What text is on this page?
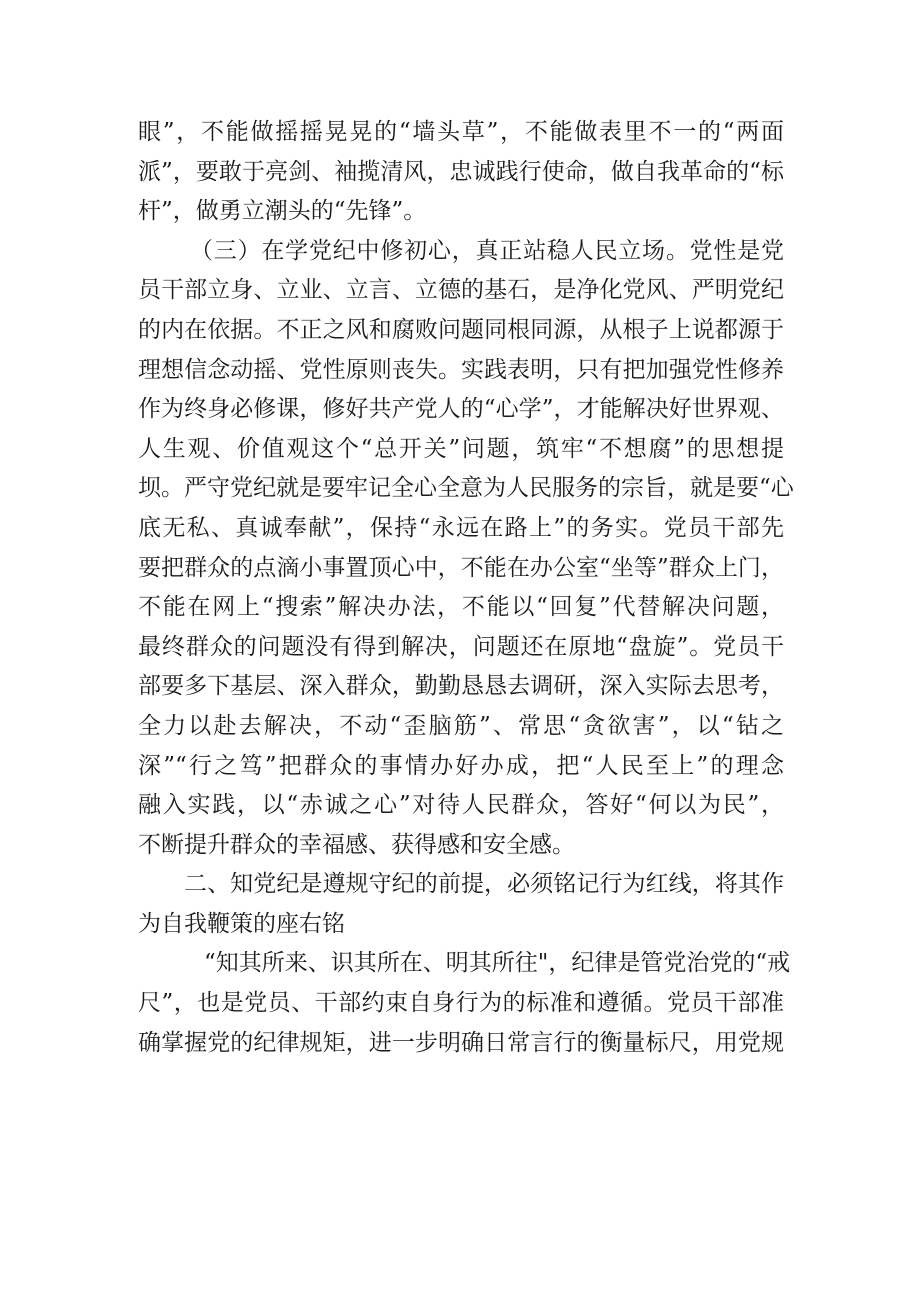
眼”，不能做摇摇晃晃的“墙头草”，不能做表里不一的“两面
派”，要敢于亮剑、袖揽清风，忠诚践行使命，做自我革命的“标
杆”，做勇立潮头的“先锋”。
（三）在学党纪中修初心，真正站稳人民立场。党性是党
员干部立身、立业、立言、立德的基石，是净化党风、严明党纪
的内在依据。不正之风和腐败问题同根同源，从根子上说都源于
理想信念动摇、党性原则丧失。实践表明，只有把加强党性修养
作为终身必修课，修好共产党人的“心学”，才能解决好世界观、
人生观、价值观这个“总开关”问题，筑牢“不想腐”的思想提
坝。严守党纪就是要牢记全心全意为人民服务的宗旨，就是要“心
底无私、真诚奉献”，保持“永远在路上”的务实。党员干部先
要把群众的点滴小事置顶心中，不能在办公室“坐等”群众上门，
不能在网上“搜索”解决办法，不能以“回复”代替解决问题，
最终群众的问题没有得到解决，问题还在原地“盘旋”。党员干
部要多下基层、深入群众，勤勤恳恳去调研，深入实际去思考，
全力以赴去解决，不动“歪脑筋”、常思“贪欲害”，以“钻之
深”“行之笃”把群众的事情办好办成，把“人民至上”的理念
融入实践，以“赤诚之心”对待人民群众，答好“何以为民”，
不断提升群众的幸福感、获得感和安全感。
二、知党纪是遵规守纪的前提，必须铭记行为红线，将其作
为自我鞭策的座右铭
“知其所来、识其所在、明其所往"，纪律是管党治党的“戒
尺”，也是党员、干部约束自身行为的标准和遵循。党员干部准
确掌握党的纪律规矩，进一步明确日常言行的衡量标尺，用党规
